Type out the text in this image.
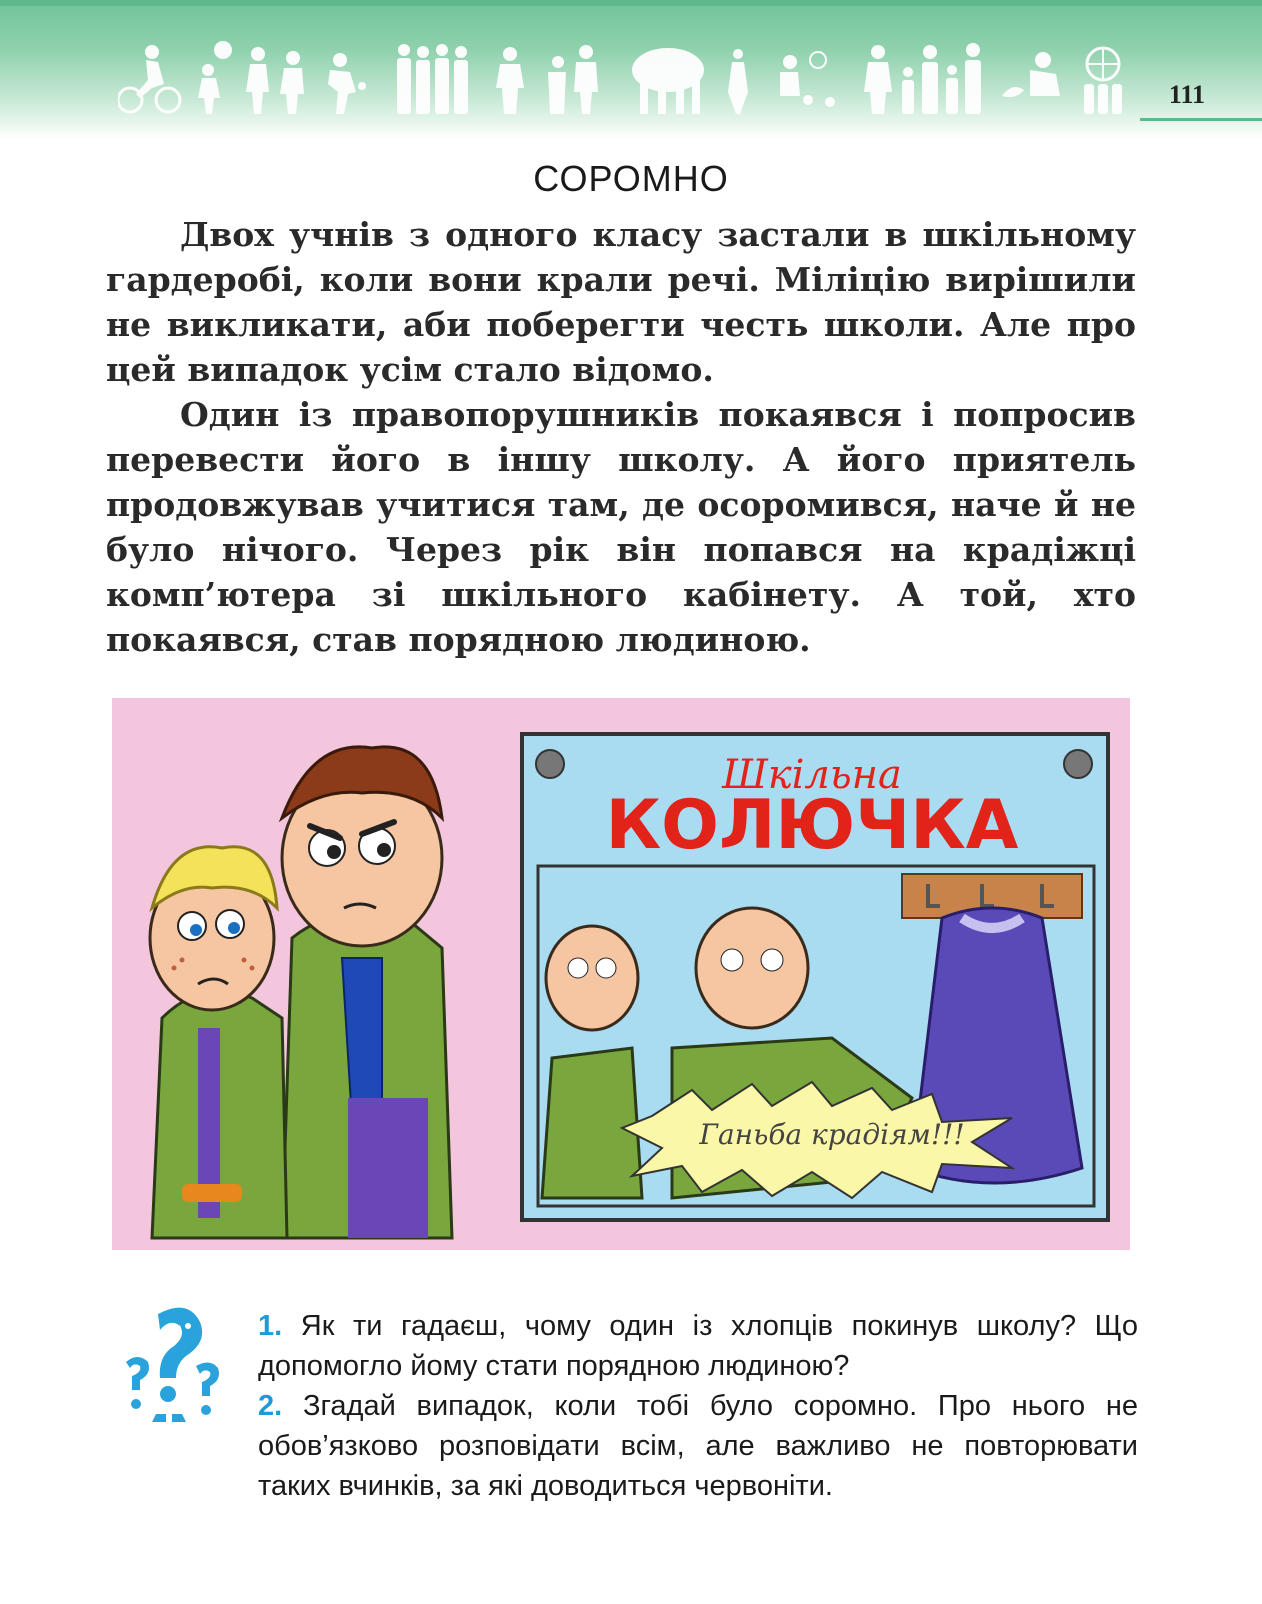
111
СОРОМНО

Двох учнів з одного класу застали в шкільному гардеробі, коли вони крали речі. Міліцію вирішили не викликати, аби поберегти честь школи. Але про цей випадок усім стало відомо.

Один із правопорушників покаявся і попросив перевести його в іншу школу. А його приятель продовжував учитися там, де осоромився, наче й не було нічого. Через рік він попався на крадіжці комп’ютера зі шкільного кабінету. А той, хто покаявся, став порядною людиною.

Шкільна
КОЛЮЧКА
Ганьба крадіям!!!

1. Як ти гадаєш, чому один із хлопців покинув школу? Що допомогло йому стати порядною людиною?

2. Згадай випадок, коли тобі було соромно. Про нього не обов’язково розповідати всім, але важливо не повторювати таких вчинків, за які доводиться червоніти.
